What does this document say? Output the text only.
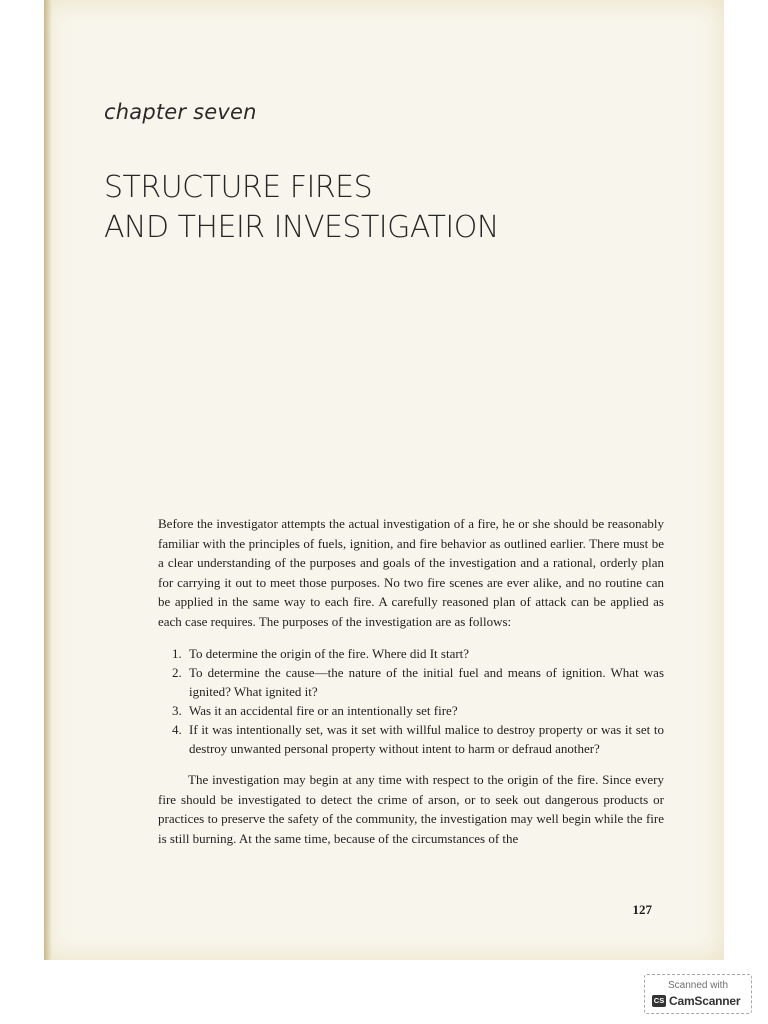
chapter seven
STRUCTURE FIRES
AND THEIR INVESTIGATION

Before the investigator attempts the actual investigation of a fire, he or she should be reasonably familiar with the principles of fuels, ignition, and fire behavior as outlined earlier. There must be a clear understanding of the purposes and goals of the investigation and a rational, orderly plan for carrying it out to meet those purposes. No two fire scenes are ever alike, and no routine can be applied in the same way to each fire. A carefully reasoned plan of attack can be applied as each case requires. The purposes of the investigation are as follows:

1. To determine the origin of the fire. Where did It start?
2. To determine the cause—the nature of the initial fuel and means of ignition. What was ignited? What ignited it?
3. Was it an accidental fire or an intentionally set fire?
4. If it was intentionally set, was it set with willful malice to destroy property or was it set to destroy unwanted personal property without intent to harm or defraud another?

The investigation may begin at any time with respect to the origin of the fire. Since every fire should be investigated to detect the crime of arson, or to seek out dangerous products or practices to preserve the safety of the community, the investigation may well begin while the fire is still burning. At the same time, because of the circumstances of the

127
Scanned with
CS CamScanner
